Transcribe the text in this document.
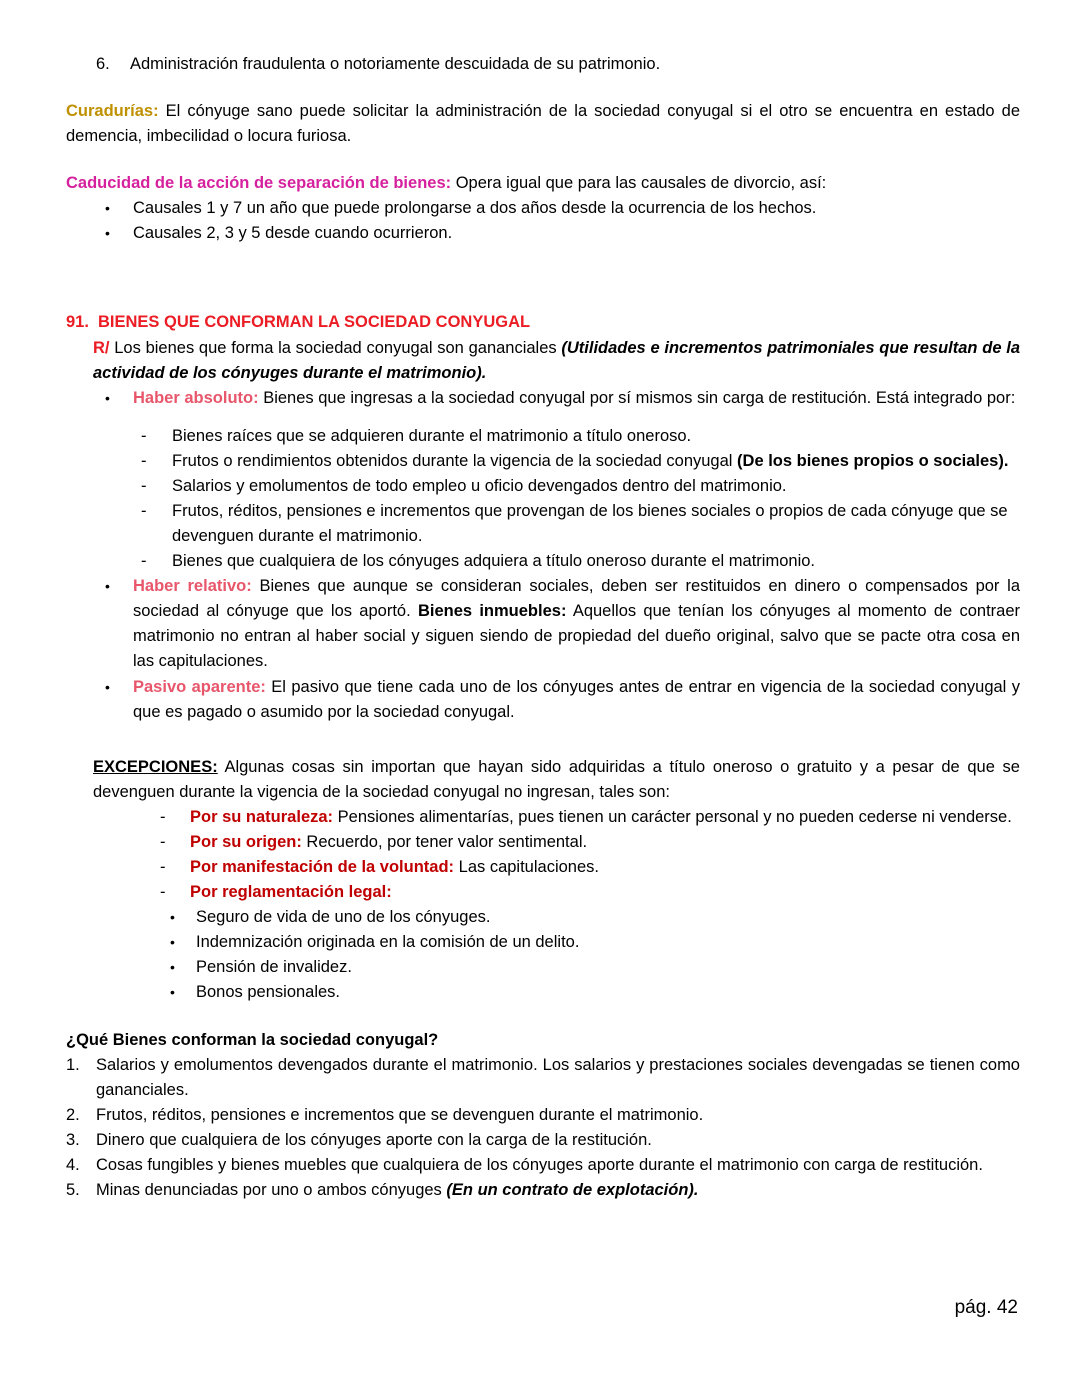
6.	Administración fraudulenta o notoriamente descuidada de su patrimonio.

Curadurías: El cónyuge sano puede solicitar la administración de la sociedad conyugal si el otro se encuentra en estado de demencia, imbecilidad o locura furiosa.

Caducidad de la acción de separación de bienes: Opera igual que para las causales de divorcio, así:

•	Causales 1 y 7 un año que puede prolongarse a dos años desde la ocurrencia de los hechos.
•	Causales 2, 3 y 5 desde cuando ocurrieron.
91. BIENES QUE CONFORMAN LA SOCIEDAD CONYUGAL

R/ Los bienes que forma la sociedad conyugal son gananciales (Utilidades e incrementos patrimoniales que resultan de la actividad de los cónyuges durante el matrimonio).

•	Haber absoluto: Bienes que ingresas a la sociedad conyugal por sí mismos sin carga de restitución. Está integrado por:
-	Bienes raíces que se adquieren durante el matrimonio a título oneroso.
-	Frutos o rendimientos obtenidos durante la vigencia de la sociedad conyugal (De los bienes propios o sociales).
-	Salarios y emolumentos de todo empleo u oficio devengados dentro del matrimonio.
-	Frutos, réditos, pensiones e incrementos que provengan de los bienes sociales o propios de cada cónyuge que se devenguen durante el matrimonio.
-	Bienes que cualquiera de los cónyuges adquiera a título oneroso durante el matrimonio.
•	Haber relativo: Bienes que aunque se consideran sociales, deben ser restituidos en dinero o compensados por la sociedad al cónyuge que los aportó. Bienes inmuebles: Aquellos que tenían los cónyuges al momento de contraer matrimonio no entran al haber social y siguen siendo de propiedad del dueño original, salvo que se pacte otra cosa en las capitulaciones.
•	Pasivo aparente: El pasivo que tiene cada uno de los cónyuges antes de entrar en vigencia de la sociedad conyugal y que es pagado o asumido por la sociedad conyugal.

EXCEPCIONES: Algunas cosas sin importan que hayan sido adquiridas a título oneroso o gratuito y a pesar de que se devenguen durante la vigencia de la sociedad conyugal no ingresan, tales son:

-	Por su naturaleza: Pensiones alimentarías, pues tienen un carácter personal y no pueden cederse ni venderse.
-	Por su origen: Recuerdo, por tener valor sentimental.
-	Por manifestación de la voluntad: Las capitulaciones.
-	Por reglamentación legal:
•	Seguro de vida de uno de los cónyuges.
•	Indemnización originada en la comisión de un delito.
•	Pensión de invalidez.
•	Bonos pensionales.

¿Qué Bienes conforman la sociedad conyugal?

1. Salarios y emolumentos devengados durante el matrimonio. Los salarios y prestaciones sociales devengadas se tienen como gananciales.
2. Frutos, réditos, pensiones e incrementos que se devenguen durante el matrimonio.
3. Dinero que cualquiera de los cónyuges aporte con la carga de la restitución.
4. Cosas fungibles y bienes muebles que cualquiera de los cónyuges aporte durante el matrimonio con carga de restitución.
5. Minas denunciadas por uno o ambos cónyuges (En un contrato de explotación).
pág. 42
